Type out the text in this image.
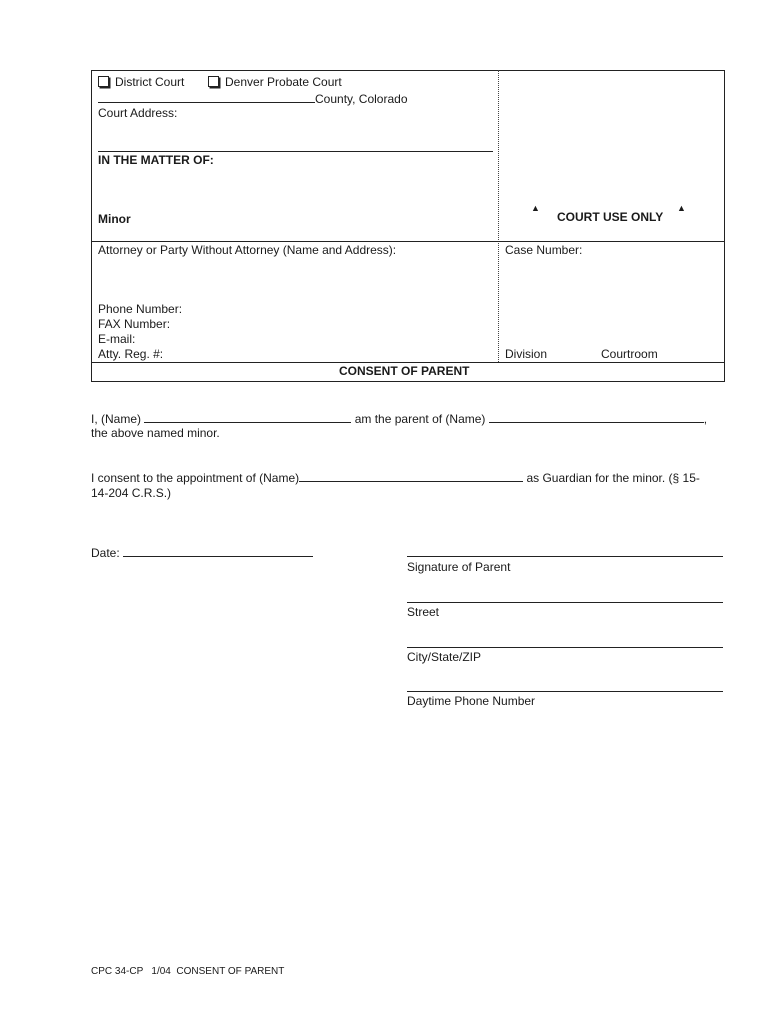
District Court	Denver Probate Court
County, Colorado
Court Address:
IN THE MATTER OF:
Minor
▲
COURT USE ONLY
▲
Attorney or Party Without Attorney (Name and Address):	Case Number:
Phone Number:
FAX Number:
E-mail:
Atty. Reg. #:	Division	Courtroom
CONSENT OF PARENT
I, (Name)	am the parent of (Name)	,
the above named minor.
I consent to the appointment of (Name)	as Guardian for the minor. (§ 15-
14-204 C.R.S.)
Date:
Signature of Parent
Street
City/State/ZIP
Daytime Phone Number
CPC 34-CP   1/04  CONSENT OF PARENT
